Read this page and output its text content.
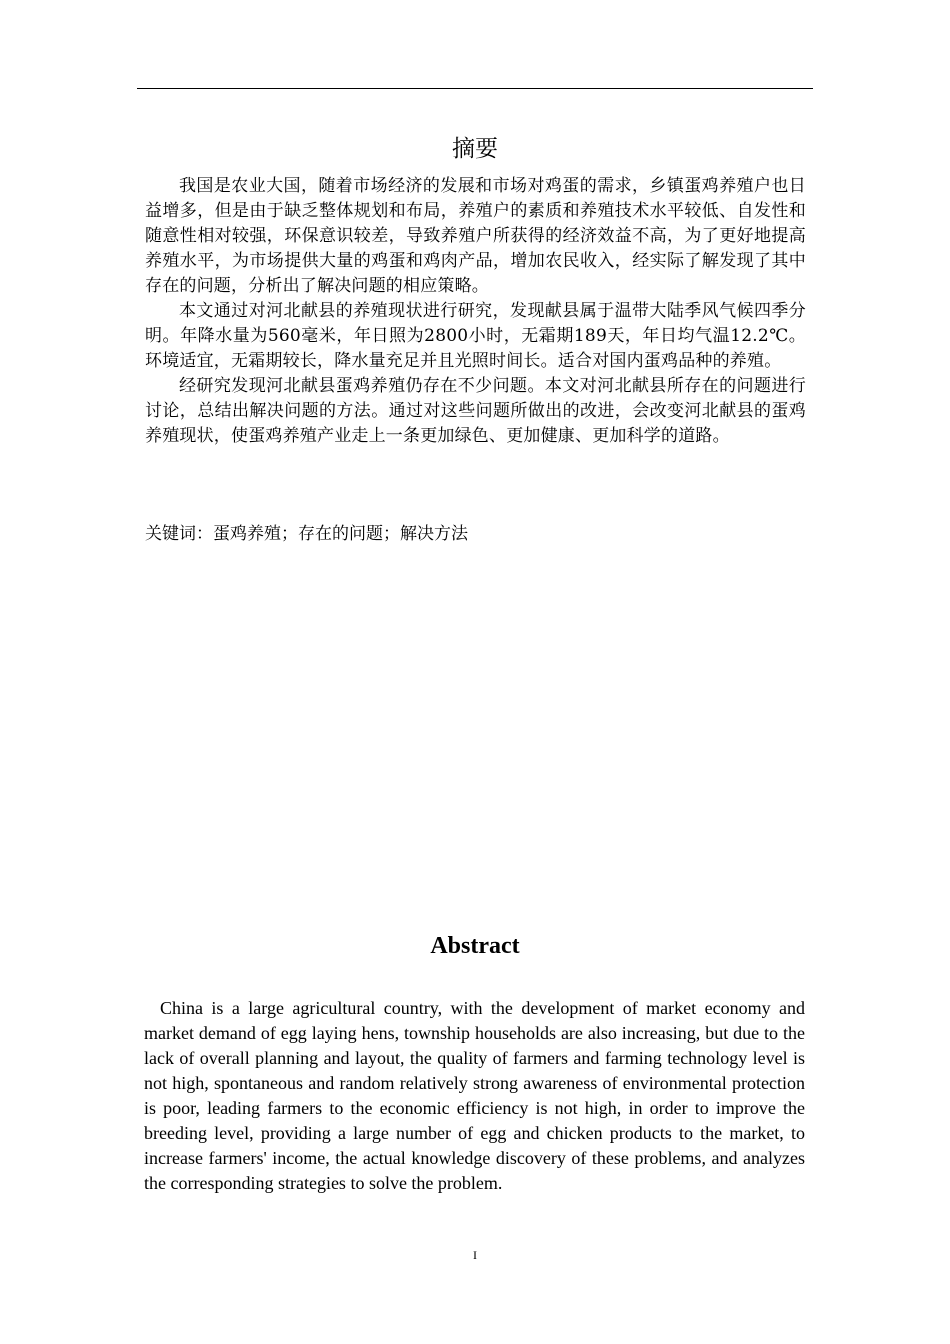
摘要

我国是农业大国，随着市场经济的发展和市场对鸡蛋的需求，乡镇蛋鸡养殖户也日益增多，但是由于缺乏整体规划和布局，养殖户的素质和养殖技术水平较低、自发性和随意性相对较强，环保意识较差，导致养殖户所获得的经济效益不高，为了更好地提高养殖水平，为市场提供大量的鸡蛋和鸡肉产品，增加农民收入，经实际了解发现了其中存在的问题，分析出了解决问题的相应策略。

本文通过对河北献县的养殖现状进行研究，发现献县属于温带大陆季风气候四季分明。年降水量为560毫米，年日照为2800小时，无霜期189天，年日均气温12.2℃。环境适宜，无霜期较长，降水量充足并且光照时间长。适合对国内蛋鸡品种的养殖。

经研究发现河北献县蛋鸡养殖仍存在不少问题。本文对河北献县所存在的问题进行讨论，总结出解决问题的方法。通过对这些问题所做出的改进，会改变河北献县的蛋鸡养殖现状，使蛋鸡养殖产业走上一条更加绿色、更加健康、更加科学的道路。

关键词：蛋鸡养殖；存在的问题；解决方法
Abstract
China is a large agricultural country, with the development of market economy and market demand of egg laying hens, township households are also increasing, but due to the lack of overall planning and layout, the quality of farmers and farming technology level is not high, spontaneous and random relatively strong awareness of environmental protection is poor, leading farmers to the economic efficiency is not high, in order to improve the breeding level, providing a large number of egg and chicken products to the market, to increase farmers' income, the actual knowledge discovery of these problems, and analyzes the corresponding strategies to solve the problem.
I
